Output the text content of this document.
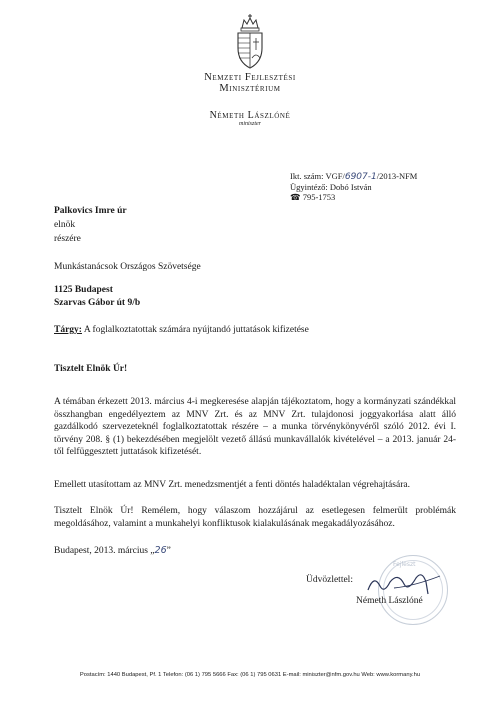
Nemzeti Fejlesztési
Minisztérium
Németh Lászlóné
miniszter
Ikt. szám: VGF/6907-1/2013-NFM
Ügyintéző: Dobó István
☎ 795-1753
Palkovics Imre úr
elnök
részére
Munkástanácsok Országos Szövetsége
1125 Budapest
Szarvas Gábor út 9/b
Tárgy: A foglalkoztatottak számára nyújtandó juttatások kifizetése
Tisztelt Elnök Úr!
A témában érkezett 2013. március 4-i megkeresése alapján tájékoztatom, hogy a kormányzati szándékkal összhangban engedélyeztem az MNV Zrt. és az MNV Zrt. tulajdonosi joggyakorlása alatt álló gazdálkodó szervezeteknél foglalkoztatottak részére – a munka törvénykönyvéről szóló 2012. évi I. törvény 208. § (1) bekezdésében megjelölt vezető állású munkavállalók kivételével – a 2013. január 24-től felfüggesztett juttatások kifizetését.
Emellett utasítottam az MNV Zrt. menedzsmentjét a fenti döntés haladéktalan végrehajtására.
Tisztelt Elnök Úr! Remélem, hogy válaszom hozzájárul az esetlegesen felmerült problémák megoldásához, valamint a munkahelyi konfliktusok kialakulásának megakadályozásához.
Budapest, 2013. március „26”
Üdvözlettel:
Fejleszt
Németh Lászlóné
Postacím: 1440 Budapest, Pf. 1 Telefon: (06 1) 795 5666 Fax: (06 1) 795 0631 E-mail: miniszter@nfm.gov.hu Web: www.kormany.hu
